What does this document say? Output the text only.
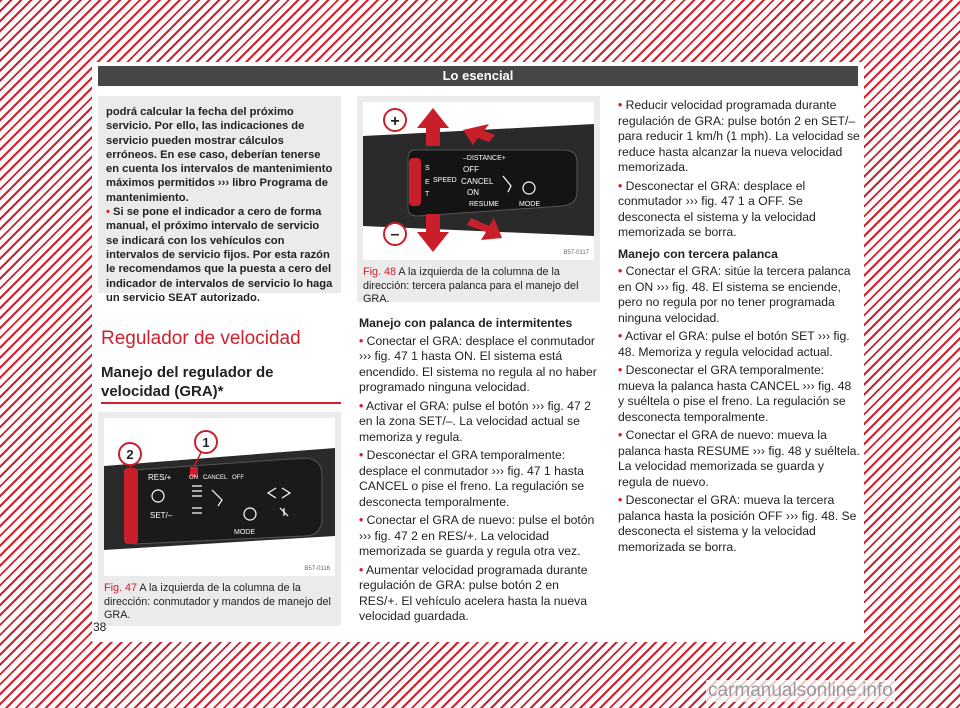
Lo esencial

podrá calcular la fecha del próximo servicio. Por ello, las indicaciones de servicio pueden mostrar cálculos erróneos. En ese caso, deberían tenerse en cuenta los intervalos de mantenimiento máximos permitidos ››› libro Programa de mantenimiento.

• Si se pone el indicador a cero de forma manual, el próximo intervalo de servicio se indicará con los vehículos con intervalos de servicio fijos. Por esta razón le recomendamos que la puesta a cero del indicador de intervalos de servicio lo haga un servicio SEAT autorizado.

Regulador de velocidad
Manejo del regulador de velocidad (GRA)*
2
1
RES/+	ON CANCEL OFF
SET/–
MODE
B57-0116
Fig. 47 A la izquierda de la columna de la dirección: conmutador y mandos de manejo del GRA.
+
–
–DISTANCE+
S
E
T
SPEED
OFF
CANCEL
ON
RESUME	MODE
B57-0117
Fig. 48 A la izquierda de la columna de la dirección: tercera palanca para el manejo del GRA.
Manejo con palanca de intermitentes
• Conectar el GRA: desplace el conmutador ››› fig. 47 1 hasta ON. El sistema está encendido. El sistema no regula al no haber programado ninguna velocidad.
• Activar el GRA: pulse el botón ››› fig. 47 2 en la zona SET/–. La velocidad actual se memoriza y regula.
• Desconectar el GRA temporalmente: desplace el conmutador ››› fig. 47 1 hasta CANCEL o pise el freno. La regulación se desconecta temporalmente.
• Conectar el GRA de nuevo: pulse el botón ››› fig. 47 2 en RES/+. La velocidad memorizada se guarda y regula otra vez.
• Aumentar velocidad programada durante regulación de GRA: pulse botón 2 en RES/+. El vehículo acelera hasta la nueva velocidad guardada.
• Reducir velocidad programada durante regulación de GRA: pulse botón 2 en SET/– para reducir 1 km/h (1 mph). La velocidad se reduce hasta alcanzar la nueva velocidad memorizada.
• Desconectar el GRA: desplace el conmutador ››› fig. 47 1 a OFF. Se desconecta el sistema y la velocidad memorizada se borra.
Manejo con tercera palanca
• Conectar el GRA: sitúe la tercera palanca en ON ››› fig. 48. El sistema se enciende, pero no regula por no tener programada ninguna velocidad.
• Activar el GRA: pulse el botón SET ››› fig. 48. Memoriza y regula velocidad actual.
• Desconectar el GRA temporalmente: mueva la palanca hasta CANCEL ››› fig. 48 y suéltela o pise el freno. La regulación se desconecta temporalmente.
• Conectar el GRA de nuevo: mueva la palanca hasta RESUME ››› fig. 48 y suéltela. La velocidad memorizada se guarda y regula de nuevo.
• Desconectar el GRA: mueva la tercera palanca hasta la posición OFF ››› fig. 48. Se desconecta el sistema y la velocidad memorizada se borra.
38
carmanualsonline.info
